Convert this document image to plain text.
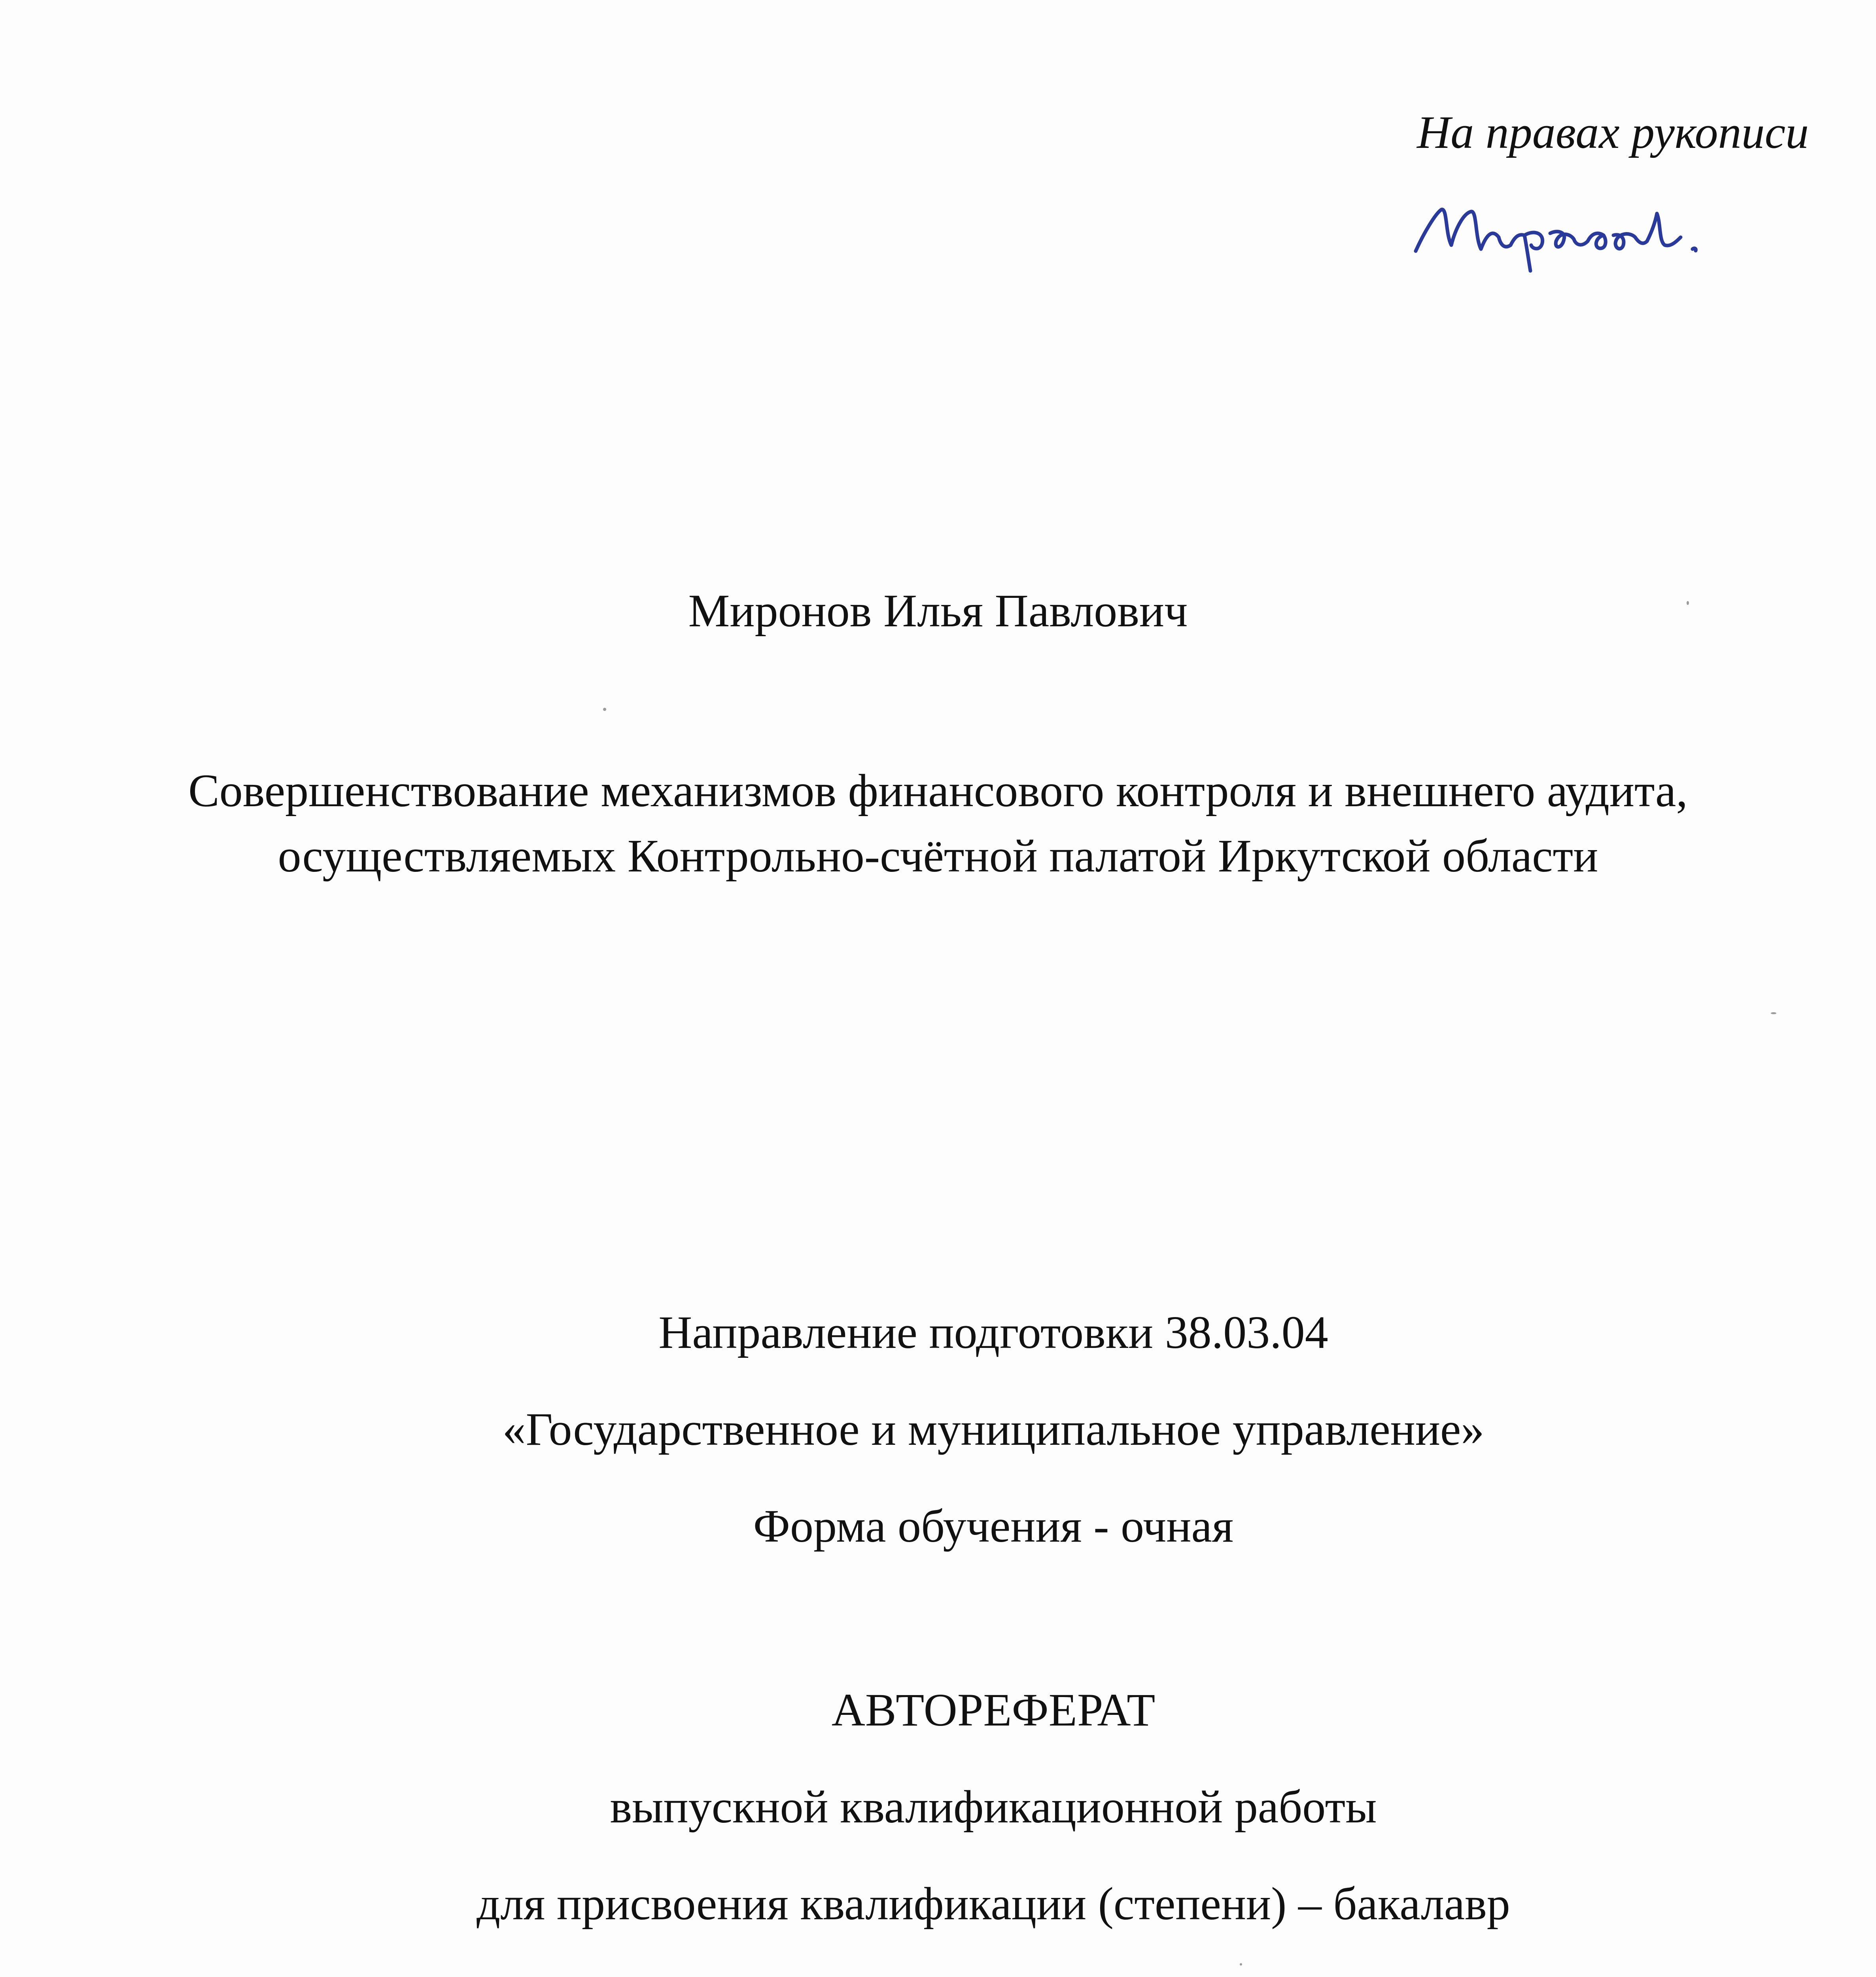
На правах рукописи
Миронов Илья Павлович
Совершенствование механизмов финансового контроля и внешнего аудита,
осуществляемых Контрольно-счётной палатой Иркутской области
Направление подготовки 38.03.04
«Государственное и муниципальное управление»
Форма обучения - очная
АВТОРЕФЕРАТ
выпускной квалификационной работы
для присвоения квалификации (степени) – бакалавр
